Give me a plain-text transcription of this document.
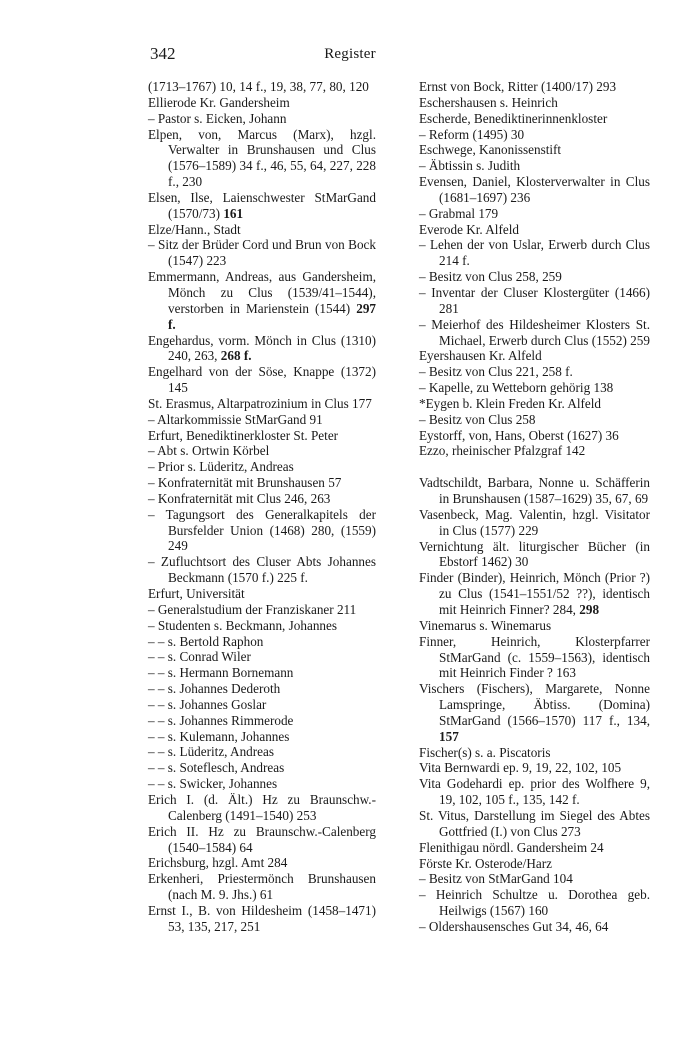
342	Register
(1713–1767) 10, 14 f., 19, 38, 77, 80, 120
Ellierode Kr. Gandersheim
– Pastor s. Eicken, Johann
Elpen, von, Marcus (Marx), hzgl. Verwalter in Brunshausen und Clus (1576–1589) 34 f., 46, 55, 64, 227, 228 f., 230
Elsen, Ilse, Laienschwester StMarGand (1570/73) 161
Elze/Hann., Stadt
– Sitz der Brüder Cord und Brun von Bock (1547) 223
Emmermann, Andreas, aus Gandersheim, Mönch zu Clus (1539/41–1544), verstorben in Marienstein (1544) 297 f.
Engehardus, vorm. Mönch in Clus (1310) 240, 263, 268 f.
Engelhard von der Söse, Knappe (1372) 145
St. Erasmus, Altarpatrozinium in Clus 177
– Altarkommissie StMarGand 91
Erfurt, Benediktinerkloster St. Peter
– Abt s. Ortwin Körbel
– Prior s. Lüderitz, Andreas
– Konfraternität mit Brunshausen 57
– Konfraternität mit Clus 246, 263
– Tagungsort des Generalkapitels der Bursfelder Union (1468) 280, (1559) 249
– Zufluchtsort des Cluser Abts Johannes Beckmann (1570 f.) 225 f.
Erfurt, Universität
– Generalstudium der Franziskaner 211
– Studenten s. Beckmann, Johannes
– – s. Bertold Raphon
– – s. Conrad Wiler
– – s. Hermann Bornemann
– – s. Johannes Dederoth
– – s. Johannes Goslar
– – s. Johannes Rimmerode
– – s. Kulemann, Johannes
– – s. Lüderitz, Andreas
– – s. Soteflesch, Andreas
– – s. Swicker, Johannes
Erich I. (d. Ält.) Hz zu Braunschw.-Calenberg (1491–1540) 253
Erich II. Hz zu Braunschw.-Calenberg (1540–1584) 64
Erichsburg, hzgl. Amt 284
Erkenheri, Priestermönch Brunshausen (nach M. 9. Jhs.) 61
Ernst I., B. von Hildesheim (1458–1471) 53, 135, 217, 251
Ernst von Bock, Ritter (1400/17) 293
Eschershausen s. Heinrich
Escherde, Benediktinerinnenkloster
– Reform (1495) 30
Eschwege, Kanonissenstift
– Äbtissin s. Judith
Evensen, Daniel, Klosterverwalter in Clus (1681–1697) 236
– Grabmal 179
Everode Kr. Alfeld
– Lehen der von Uslar, Erwerb durch Clus 214 f.
– Besitz von Clus 258, 259
– Inventar der Cluser Klostergüter (1466) 281
– Meierhof des Hildesheimer Klosters St. Michael, Erwerb durch Clus (1552) 259
Eyershausen Kr. Alfeld
– Besitz von Clus 221, 258 f.
– Kapelle, zu Wetteborn gehörig 138
*Eygen b. Klein Freden Kr. Alfeld
– Besitz von Clus 258
Eystorff, von, Hans, Oberst (1627) 36
Ezzo, rheinischer Pfalzgraf 142
Vadtschildt, Barbara, Nonne u. Schäfferin in Brunshausen (1587–1629) 35, 67, 69
Vasenbeck, Mag. Valentin, hzgl. Visitator in Clus (1577) 229
Vernichtung ält. liturgischer Bücher (in Ebstorf 1462) 30
Finder (Binder), Heinrich, Mönch (Prior ?) zu Clus (1541–1551/52 ??), identisch mit Heinrich Finner? 284, 298
Vinemarus s. Winemarus
Finner, Heinrich, Klosterpfarrer StMarGand (c. 1559–1563), identisch mit Heinrich Finder ? 163
Vischers (Fischers), Margarete, Nonne Lamspringe, Äbtiss. (Domina) StMarGand (1566–1570) 117 f., 134, 157
Fischer(s) s. a. Piscatoris
Vita Bernwardi ep. 9, 19, 22, 102, 105
Vita Godehardi ep. prior des Wolfhere 9, 19, 102, 105 f., 135, 142 f.
St. Vitus, Darstellung im Siegel des Abtes Gottfried (I.) von Clus 273
Flenithigau nördl. Gandersheim 24
Förste Kr. Osterode/Harz
– Besitz von StMarGand 104
– Heinrich Schultze u. Dorothea geb. Heilwigs (1567) 160
– Oldershausensches Gut 34, 46, 64
